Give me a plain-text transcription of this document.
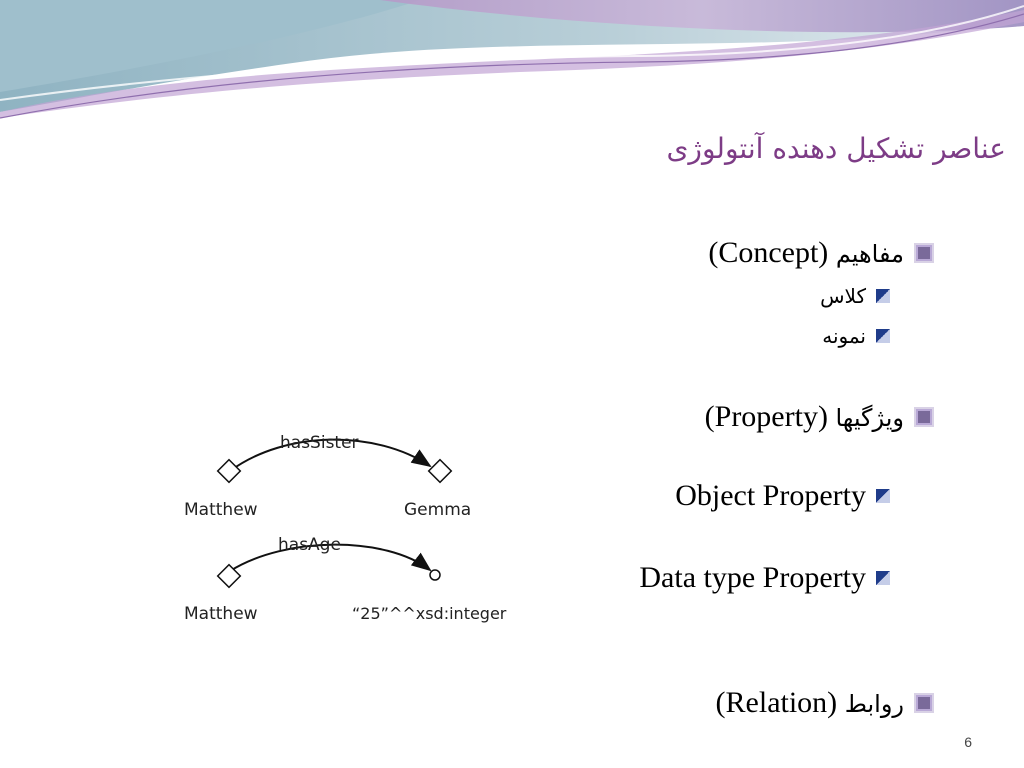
عناصر تشکیل دهنده آنتولوژی
(Concept) مفاهیم
کلاس
نمونه
(Property) ویژگیها
Object Property
Data type Property
(Relation) روابط
hasSister
Matthew	Gemma
hasAge
Matthew	“25”^^xsd:integer
6
